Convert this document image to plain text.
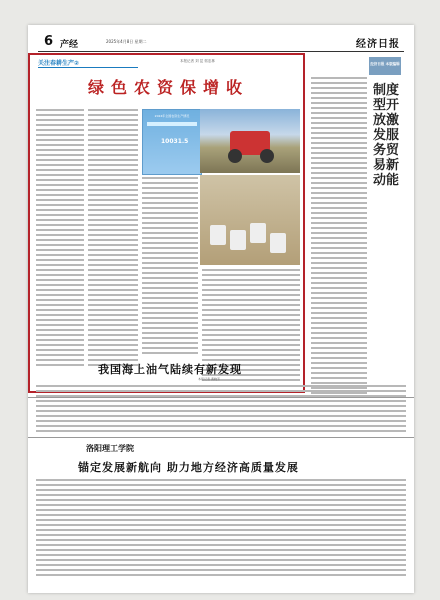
6 产经	2025年4月8日 星期二	经济日报
关注春耕生产②	本报记者 刘 昆 郭忠林
绿色农资保增收
2024年全国农资生产情况
10031.5
经济日报 本版编辑
制度型开放激发服务贸易新动能
我国海上油气陆续有新发现
本报记者 黄晓芳
洛阳理工学院
锚定发展新航向 助力地方经济高质量发展
